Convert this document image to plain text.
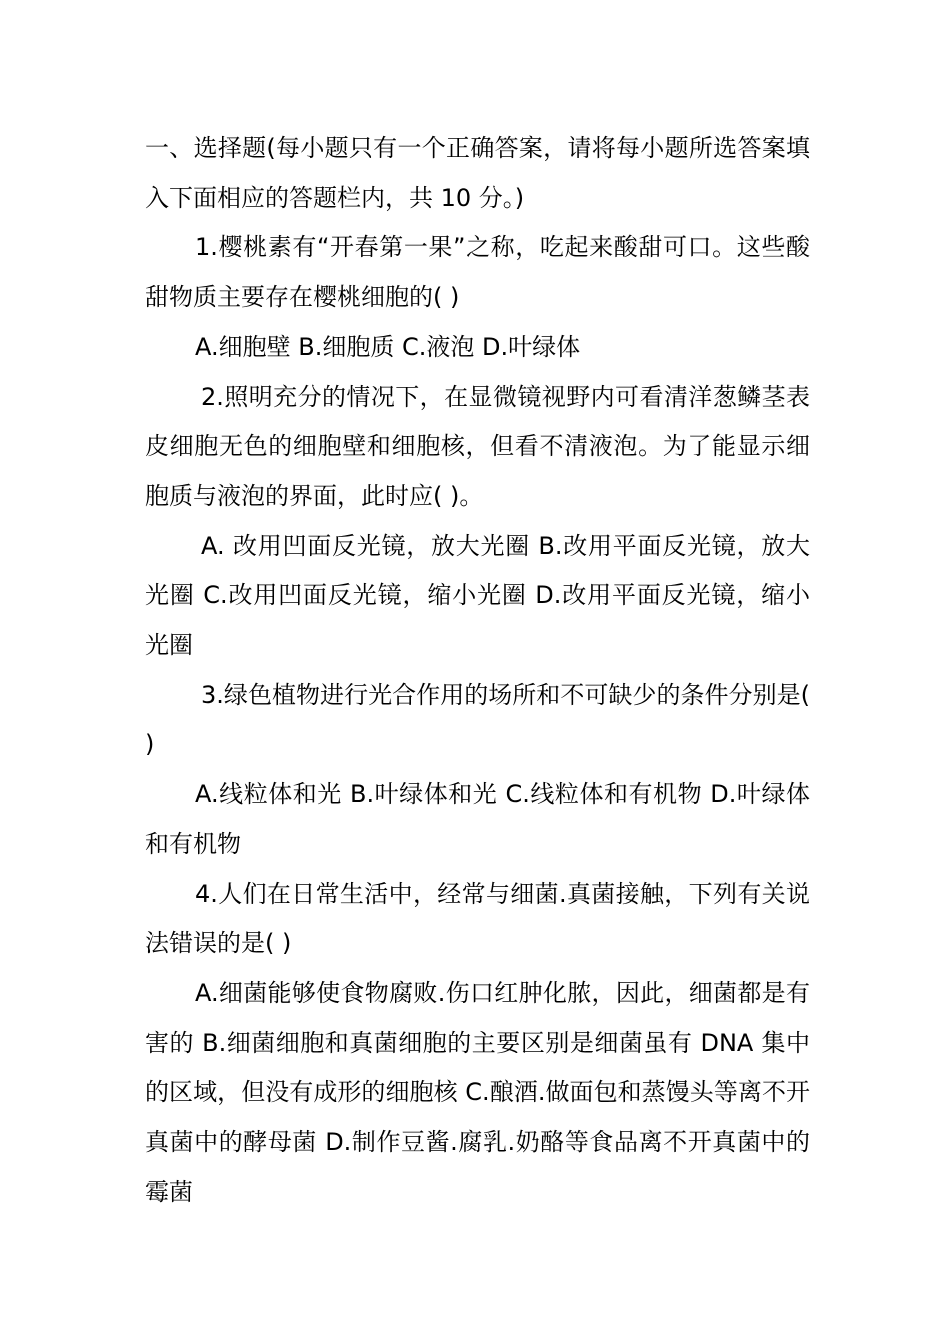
一、选择题(每小题只有一个正确答案，请将每小题所选答案填入下面相应的答题栏内，共 10 分。)

1.樱桃素有“开春第一果”之称，吃起来酸甜可口。这些酸甜物质主要存在樱桃细胞的( )

A.细胞壁 B.细胞质 C.液泡 D.叶绿体

2.照明充分的情况下，在显微镜视野内可看清洋葱鳞茎表皮细胞无色的细胞壁和细胞核，但看不清液泡。为了能显示细胞质与液泡的界面，此时应( )。

A. 改用凹面反光镜，放大光圈 B.改用平面反光镜，放大光圈 C.改用凹面反光镜，缩小光圈 D.改用平面反光镜，缩小光圈

3.绿色植物进行光合作用的场所和不可缺少的条件分别是( )

A.线粒体和光 B.叶绿体和光 C.线粒体和有机物 D.叶绿体和有机物

4.人们在日常生活中，经常与细菌.真菌接触，下列有关说法错误的是( )

A.细菌能够使食物腐败.伤口红肿化脓，因此，细菌都是有害的 B.细菌细胞和真菌细胞的主要区别是细菌虽有 DNA 集中的区域，但没有成形的细胞核 C.酿酒.做面包和蒸馒头等离不开真菌中的酵母菌 D.制作豆酱.腐乳.奶酪等食品离不开真菌中的霉菌
